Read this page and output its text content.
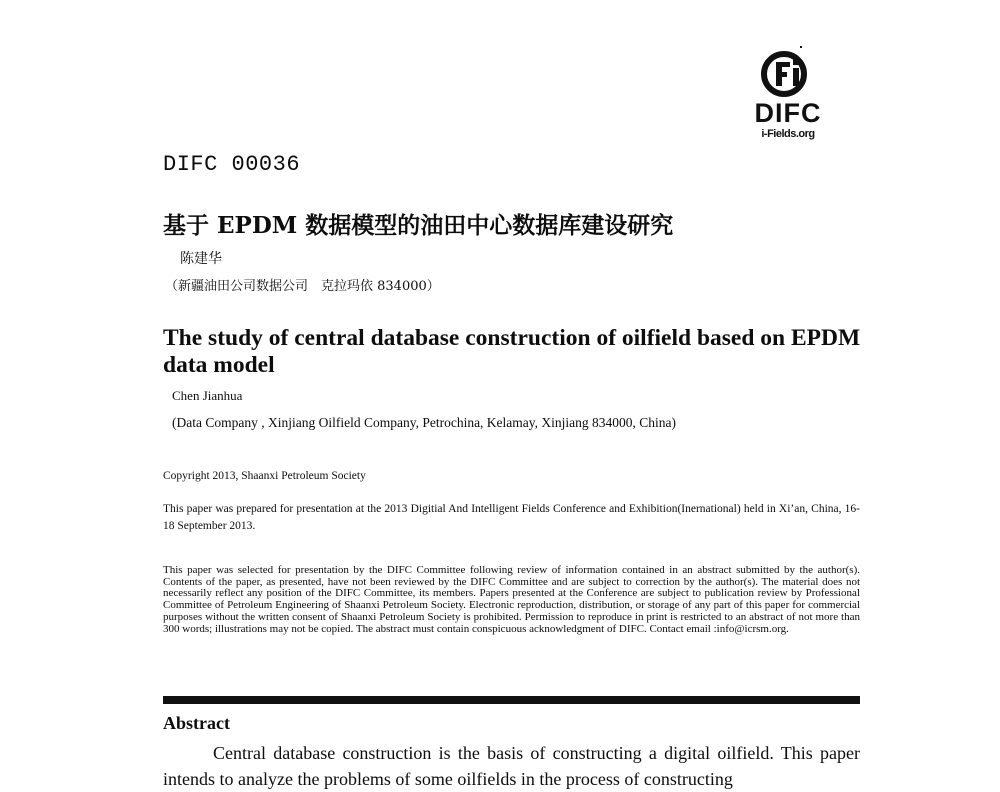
DIFC
i-Fields.org
DIFC 00036
基于 EPDM 数据模型的油田中心数据库建设研究
陈建华
（新疆油田公司数据公司　克拉玛依 834000）
The study of central database construction of oilfield based on EPDM data model
Chen Jianhua
(Data Company , Xinjiang Oilfield Company, Petrochina, Kelamay, Xinjiang 834000, China)
Copyright 2013, Shaanxi Petroleum Society
This paper was prepared for presentation at the 2013 Digitial And Intelligent Fields Conference and Exhibition(Inernational) held in Xi’an, China, 16-18 September 2013.
This paper was selected for presentation by the DIFC Committee following review of information contained in an abstract submitted by the author(s). Contents of the paper, as presented, have not been reviewed by the DIFC Committee and are subject to correction by the author(s). The material does not necessarily reflect any position of the DIFC Committee, its members. Papers presented at the Conference are subject to publication review by Professional Committee of Petroleum Engineering of Shaanxi Petroleum Society. Electronic reproduction, distribution, or storage of any part of this paper for commercial purposes without the written consent of Shaanxi Petroleum Society is prohibited. Permission to reproduce in print is restricted to an abstract of not more than 300 words; illustrations may not be copied. The abstract must contain conspicuous acknowledgment of DIFC. Contact email :info@icrsm.org.
Abstract
Central database construction is the basis of constructing a digital oilfield. This paper intends to analyze the problems of some oilfields in the process of constructing
